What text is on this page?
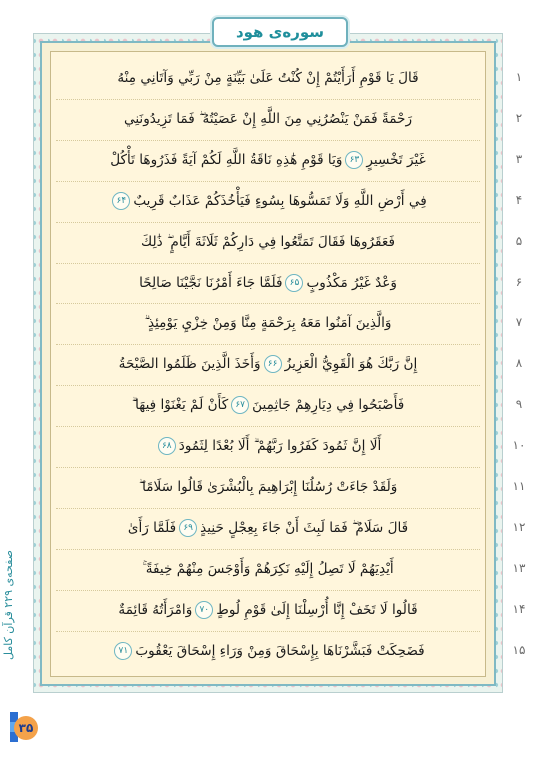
سوره‌ی هود
قَالَ يَا قَوْمِ أَرَأَيْتُمْ إِنْ كُنْتُ عَلَىٰ بَيِّنَةٍ مِنْ رَبِّي وَآتَانِي مِنْهُ
رَحْمَةً فَمَنْ يَنْصُرُنِي مِنَ اللَّهِ إِنْ عَصَيْتُهُ ۖ فَمَا تَزِيدُونَنِي
غَيْرَ تَخْسِيرٍ
۶۳
وَيَا قَوْمِ هَٰذِهِ نَاقَةُ اللَّهِ لَكُمْ آيَةً فَذَرُوهَا تَأْكُلْ
فِي أَرْضِ اللَّهِ وَلَا تَمَسُّوهَا بِسُوءٍ فَيَأْخُذَكُمْ عَذَابٌ قَرِيبٌ
۶۴
فَعَقَرُوهَا فَقَالَ تَمَتَّعُوا فِي دَارِكُمْ ثَلَاثَةَ أَيَّامٍ ۖ ذَٰلِكَ
وَعْدٌ غَيْرُ مَكْذُوبٍ
۶۵
فَلَمَّا جَاءَ أَمْرُنَا نَجَّيْنَا صَالِحًا
وَالَّذِينَ آمَنُوا مَعَهُ بِرَحْمَةٍ مِنَّا وَمِنْ خِزْيِ يَوْمِئِذٍ ۗ
إِنَّ رَبَّكَ هُوَ الْقَوِيُّ الْعَزِيزُ
۶۶
وَأَخَذَ الَّذِينَ ظَلَمُوا الصَّيْحَةُ
فَأَصْبَحُوا فِي دِيَارِهِمْ جَاثِمِينَ
۶۷
كَأَنْ لَمْ يَغْنَوْا فِيهَا ۗ
أَلَا إِنَّ ثَمُودَ كَفَرُوا رَبَّهُمْ ۗ أَلَا بُعْدًا لِثَمُودَ
۶۸
وَلَقَدْ جَاءَتْ رُسُلُنَا إِبْرَاهِيمَ بِالْبُشْرَىٰ قَالُوا سَلَامًا ۖ
قَالَ سَلَامٌ ۖ فَمَا لَبِثَ أَنْ جَاءَ بِعِجْلٍ حَنِيذٍ
۶۹
فَلَمَّا رَأَىٰ
أَيْدِيَهُمْ لَا تَصِلُ إِلَيْهِ نَكِرَهُمْ وَأَوْجَسَ مِنْهُمْ خِيفَةً ۚ
قَالُوا لَا تَخَفْ إِنَّا أُرْسِلْنَا إِلَىٰ قَوْمِ لُوطٍ
۷۰
وَامْرَأَتُهُ قَائِمَةٌ
فَضَحِكَتْ فَبَشَّرْنَاهَا بِإِسْحَاقَ وَمِنْ وَرَاءِ إِسْحَاقَ يَعْقُوبَ
۷۱
۱
۲
۳
۴
۵
۶
۷
۸
۹
۱۰
۱۱
۱۲
۱۳
۱۴
۱۵
صفحه‌ی ۲۲۹ قرآن کامل
۳۵
